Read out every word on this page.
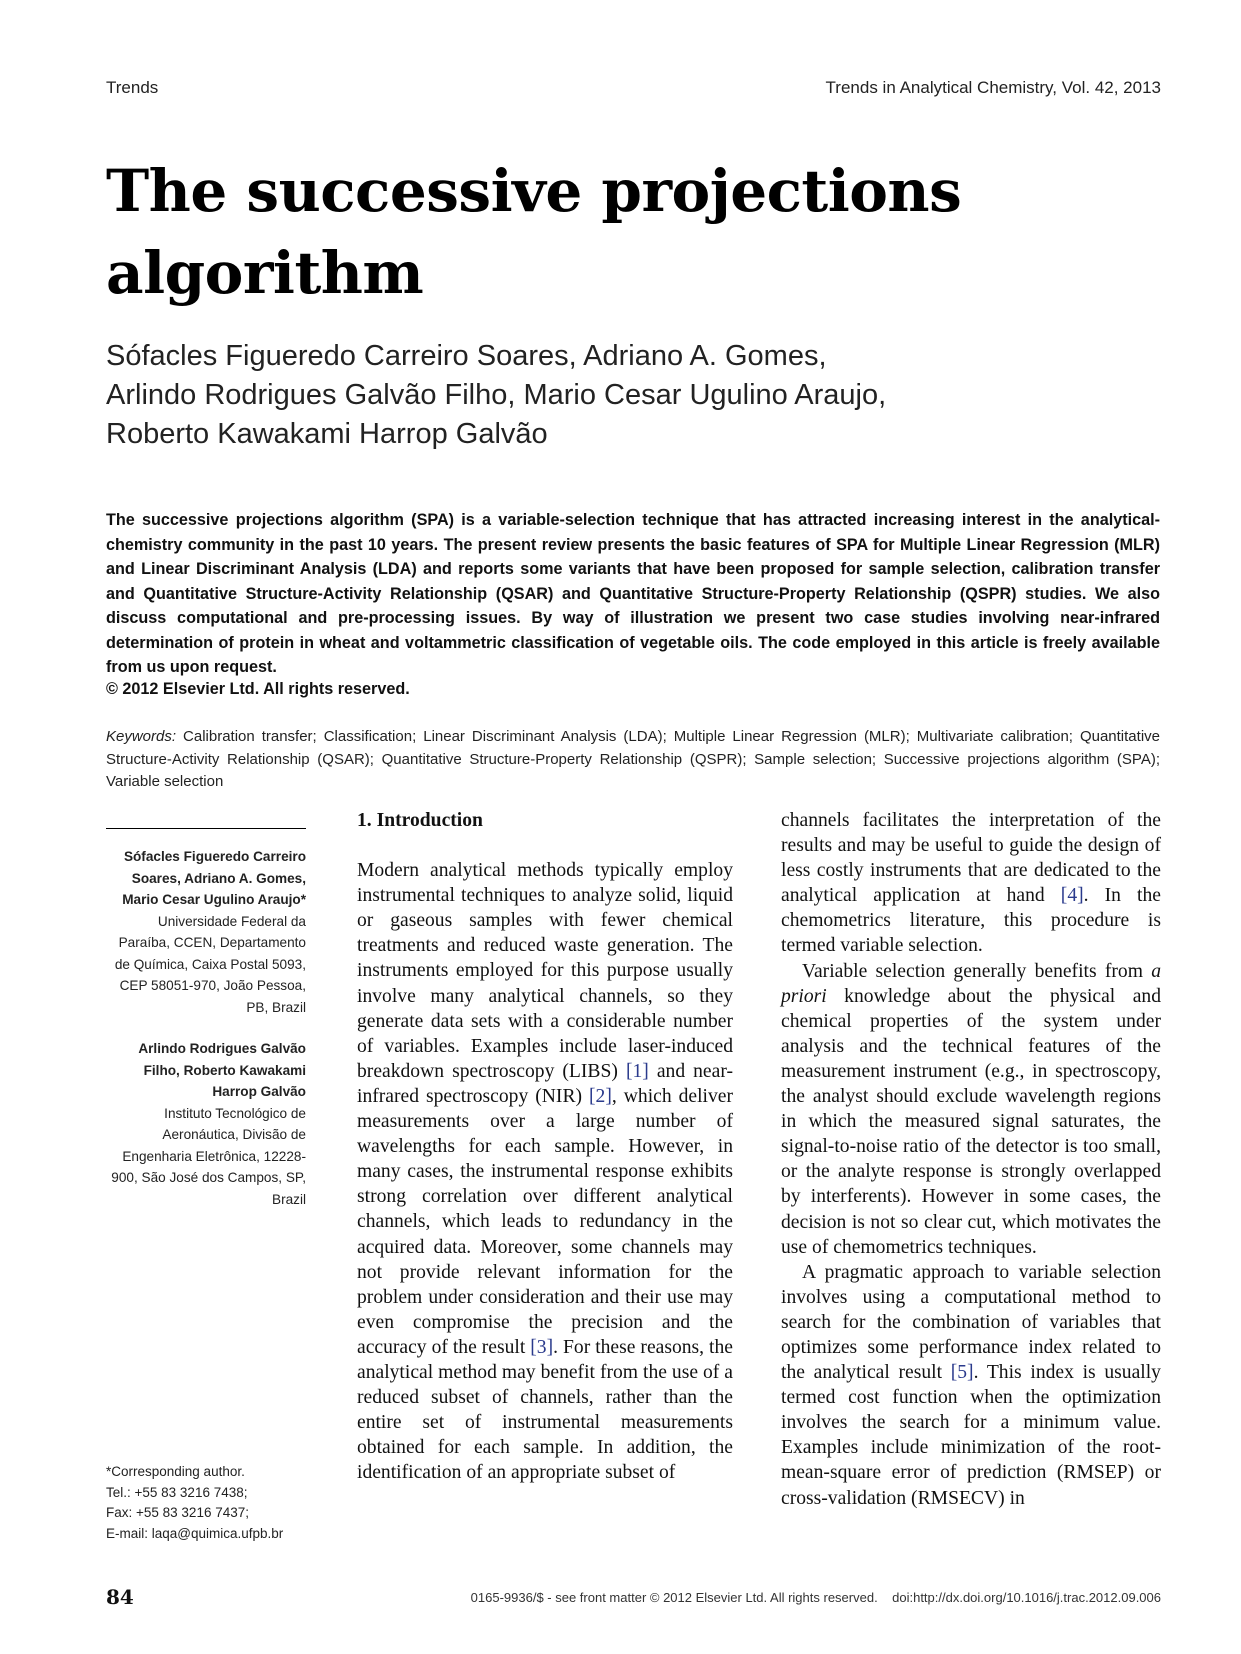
Trends	Trends in Analytical Chemistry, Vol. 42, 2013
The successive projections algorithm
Sófacles Figueredo Carreiro Soares, Adriano A. Gomes,
Arlindo Rodrigues Galvão Filho, Mario Cesar Ugulino Araujo,
Roberto Kawakami Harrop Galvão
The successive projections algorithm (SPA) is a variable-selection technique that has attracted increasing interest in the analytical-chemistry community in the past 10 years. The present review presents the basic features of SPA for Multiple Linear Regression (MLR) and Linear Discriminant Analysis (LDA) and reports some variants that have been proposed for sample selection, calibration transfer and Quantitative Structure-Activity Relationship (QSAR) and Quantitative Structure-Property Relationship (QSPR) studies. We also discuss computational and pre-processing issues. By way of illustration we present two case studies involving near-infrared determination of protein in wheat and voltammetric classification of vegetable oils. The code employed in this article is freely available from us upon request.
© 2012 Elsevier Ltd. All rights reserved.
Keywords: Calibration transfer; Classification; Linear Discriminant Analysis (LDA); Multiple Linear Regression (MLR); Multivariate calibration; Quantitative Structure-Activity Relationship (QSAR); Quantitative Structure-Property Relationship (QSPR); Sample selection; Successive projections algorithm (SPA); Variable selection
Sófacles Figueredo Carreiro Soares, Adriano A. Gomes, Mario Cesar Ugulino Araujo*
Universidade Federal da Paraíba, CCEN, Departamento de Química, Caixa Postal 5093, CEP 58051-970, João Pessoa, PB, Brazil
Arlindo Rodrigues Galvão Filho, Roberto Kawakami Harrop Galvão
Instituto Tecnológico de Aeronáutica, Divisão de Engenharia Eletrônica, 12228-900, São José dos Campos, SP, Brazil
*Corresponding author.
Tel.: +55 83 3216 7438;
Fax: +55 83 3216 7437;
E-mail: laqa@quimica.ufpb.br
1. Introduction

Modern analytical methods typically employ instrumental techniques to analyze solid, liquid or gaseous samples with fewer chemical treatments and reduced waste generation. The instruments employed for this purpose usually involve many analytical channels, so they generate data sets with a considerable number of variables. Examples include laser-induced breakdown spectroscopy (LIBS) [1] and near-infrared spectroscopy (NIR) [2], which deliver measurements over a large number of wavelengths for each sample. However, in many cases, the instrumental response exhibits strong correlation over different analytical channels, which leads to redundancy in the acquired data. Moreover, some channels may not provide relevant information for the problem under consideration and their use may even compromise the precision and the accuracy of the result [3]. For these reasons, the analytical method may benefit from the use of a reduced subset of channels, rather than the entire set of instrumental measurements obtained for each sample. In addition, the identification of an appropriate subset of

channels facilitates the interpretation of the results and may be useful to guide the design of less costly instruments that are dedicated to the analytical application at hand [4]. In the chemometrics literature, this procedure is termed variable selection.

Variable selection generally benefits from a priori knowledge about the physical and chemical properties of the system under analysis and the technical features of the measurement instrument (e.g., in spectroscopy, the analyst should exclude wavelength regions in which the measured signal saturates, the signal-to-noise ratio of the detector is too small, or the analyte response is strongly overlapped by interferents). However in some cases, the decision is not so clear cut, which motivates the use of chemometrics techniques.

A pragmatic approach to variable selection involves using a computational method to search for the combination of variables that optimizes some performance index related to the analytical result [5]. This index is usually termed cost function when the optimization involves the search for a minimum value. Examples include minimization of the root-mean-square error of prediction (RMSEP) or cross-validation (RMSECV) in

84	0165-9936/$ - see front matter © 2012 Elsevier Ltd. All rights reserved.    doi:http://dx.doi.org/10.1016/j.trac.2012.09.006
